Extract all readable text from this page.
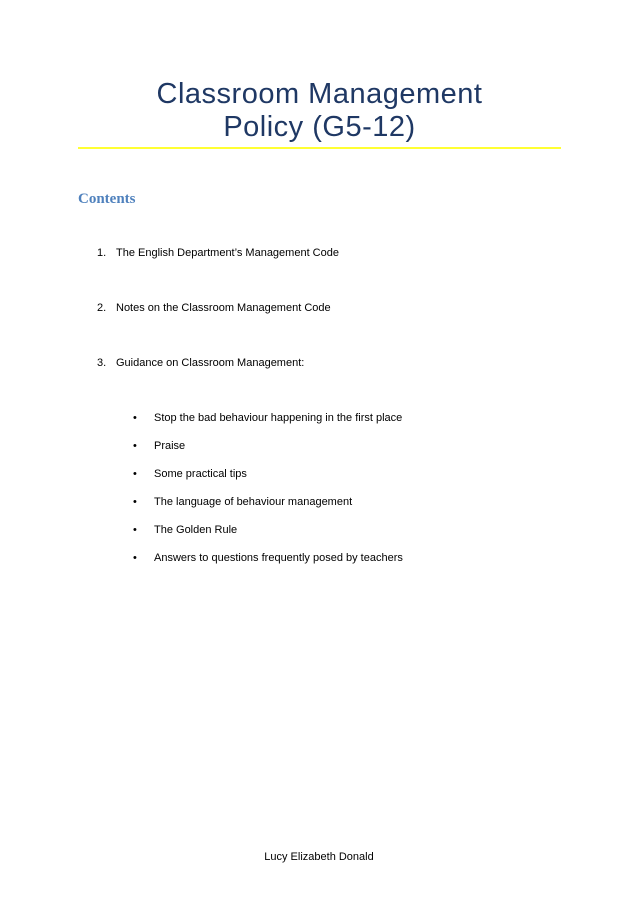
Classroom Management
Policy (G5-12)
Contents
1. The English Department’s Management Code
2. Notes on the Classroom Management Code
3. Guidance on Classroom Management:
• Stop the bad behaviour happening in the first place
• Praise
• Some practical tips
• The language of behaviour management
• The Golden Rule
• Answers to questions frequently posed by teachers
Lucy Elizabeth Donald
